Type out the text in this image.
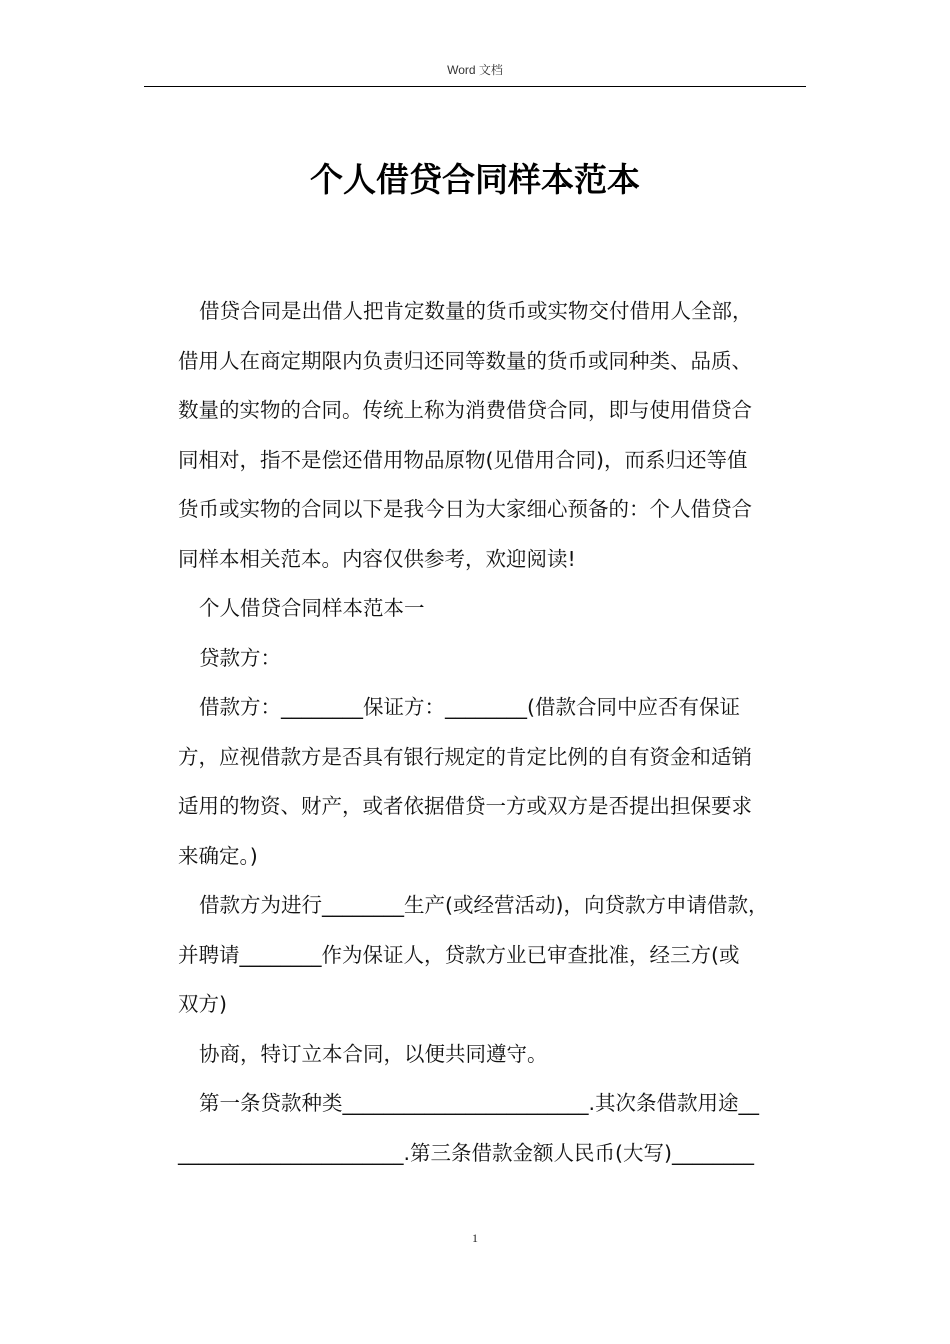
Word 文档
个人借贷合同样本范本
借贷合同是出借人把肯定数量的货币或实物交付借用人全部，
借用人在商定期限内负责归还同等数量的货币或同种类、品质、
数量的实物的合同。传统上称为消费借贷合同，即与使用借贷合
同相对，指不是偿还借用物品原物(见借用合同)，而系归还等值
货币或实物的合同以下是我今日为大家细心预备的：个人借贷合
同样本相关范本。内容仅供参考，欢迎阅读!
个人借贷合同样本范本一
贷款方：
借款方：________保证方：________(借款合同中应否有保证
方，应视借款方是否具有银行规定的肯定比例的自有资金和适销
适用的物资、财产，或者依据借贷一方或双方是否提出担保要求
来确定。)
借款方为进行________生产(或经营活动)，向贷款方申请借款，
并聘请________作为保证人，贷款方业已审查批准，经三方(或
双方)
协商，特订立本合同，以便共同遵守。
第一条贷款种类________________________.其次条借款用途__
______________________.第三条借款金额人民币(大写)________
1
